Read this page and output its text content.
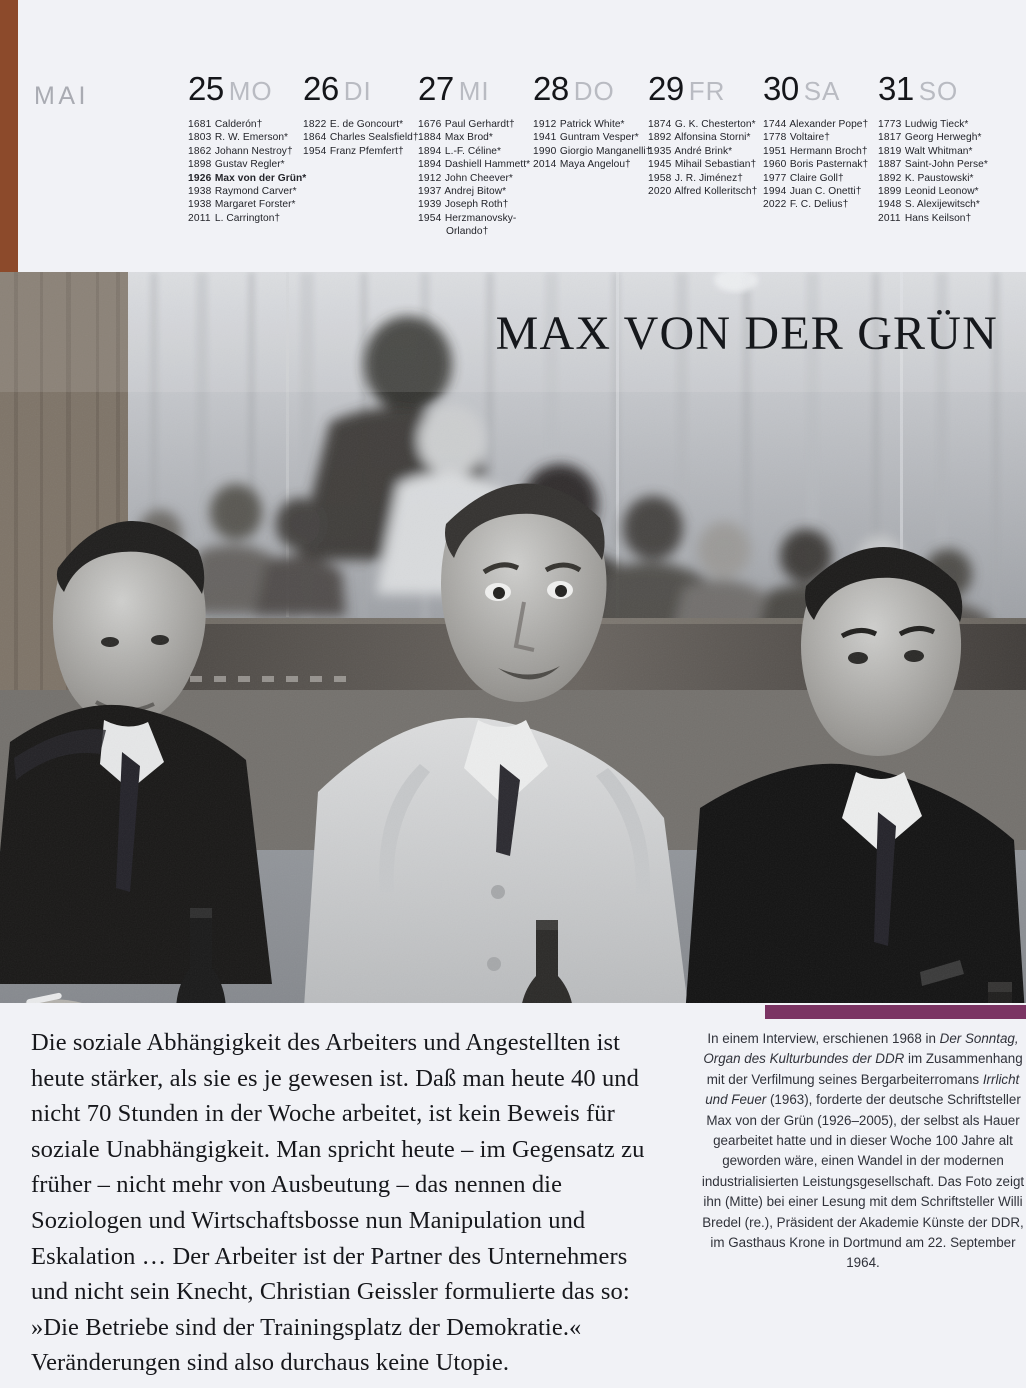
MAI	25 MO
1681 Calderón†
1803 R. W. Emerson*
1862 Johann Nestroy†
1898 Gustav Regler*
1926 Max von der Grün*
1938 Raymond Carver*
1938 Margaret Forster*
2011 L. Carrington†
26 DI
1822 E. de Goncourt*
1864 Charles Sealsfield†
1954 Franz Pfemfert†
27 MI
1676 Paul Gerhardt†
1884 Max Brod*
1894 L.-F. Céline*
1894 Dashiell Hammett*
1912 John Cheever*
1937 Andrej Bitow*
1939 Joseph Roth†
1954 Herzmanovsky-
Orlando†
28 DO
1912 Patrick White*
1941 Guntram Vesper*
1990 Giorgio Manganelli†
2014 Maya Angelou†
29 FR
1874 G. K. Chesterton*
1892 Alfonsina Storni*
1935 André Brink*
1945 Mihail Sebastian†
1958 J. R. Jiménez†
2020 Alfred Kolleritsch†
30 SA
1744 Alexander Pope†
1778 Voltaire†
1951 Hermann Broch†
1960 Boris Pasternak†
1977 Claire Goll†
1994 Juan C. Onetti†
2022 F. C. Delius†
31 SO
1773 Ludwig Tieck*
1817 Georg Herwegh*
1819 Walt Whitman*
1887 Saint-John Perse*
1892 K. Paustowski*
1899 Leonid Leonow*
1948 S. Alexijewitsch*
2011 Hans Keilson†
MAX VON DER GRÜN
Die soziale Abhängigkeit des Arbeiters und Angestellten ist heute stärker, als sie es je gewesen ist. Daß man heute 40 und nicht 70 Stunden in der Woche arbeitet, ist kein Beweis für soziale Unabhängigkeit. Man spricht heute – im Gegensatz zu früher – nicht mehr von Ausbeutung – das nennen die Soziologen und Wirtschaftsbosse nun Manipulation und Eskalation … Der Arbeiter ist der Partner des Unternehmers und nicht sein Knecht, Christian Geissler formulierte das so: »Die Betriebe sind der Trainingsplatz der Demokratie.« Veränderungen sind also durchaus keine Utopie.
In einem Interview, erschienen 1968 in Der Sonntag, Organ des Kulturbundes der DDR im Zusammenhang mit der Verfilmung seines Bergarbeiterromans Irrlicht und Feuer (1963), forderte der deutsche Schriftsteller Max von der Grün (1926–2005), der selbst als Hauer gearbeitet hatte und in dieser Woche 100 Jahre alt geworden wäre, einen Wandel in der modernen industrialisierten Leistungsgesellschaft. Das Foto zeigt ihn (Mitte) bei einer Lesung mit dem Schriftsteller Willi Bredel (re.), Präsident der Akademie Künste der DDR, im Gasthaus Krone in Dortmund am 22. September 1964.
